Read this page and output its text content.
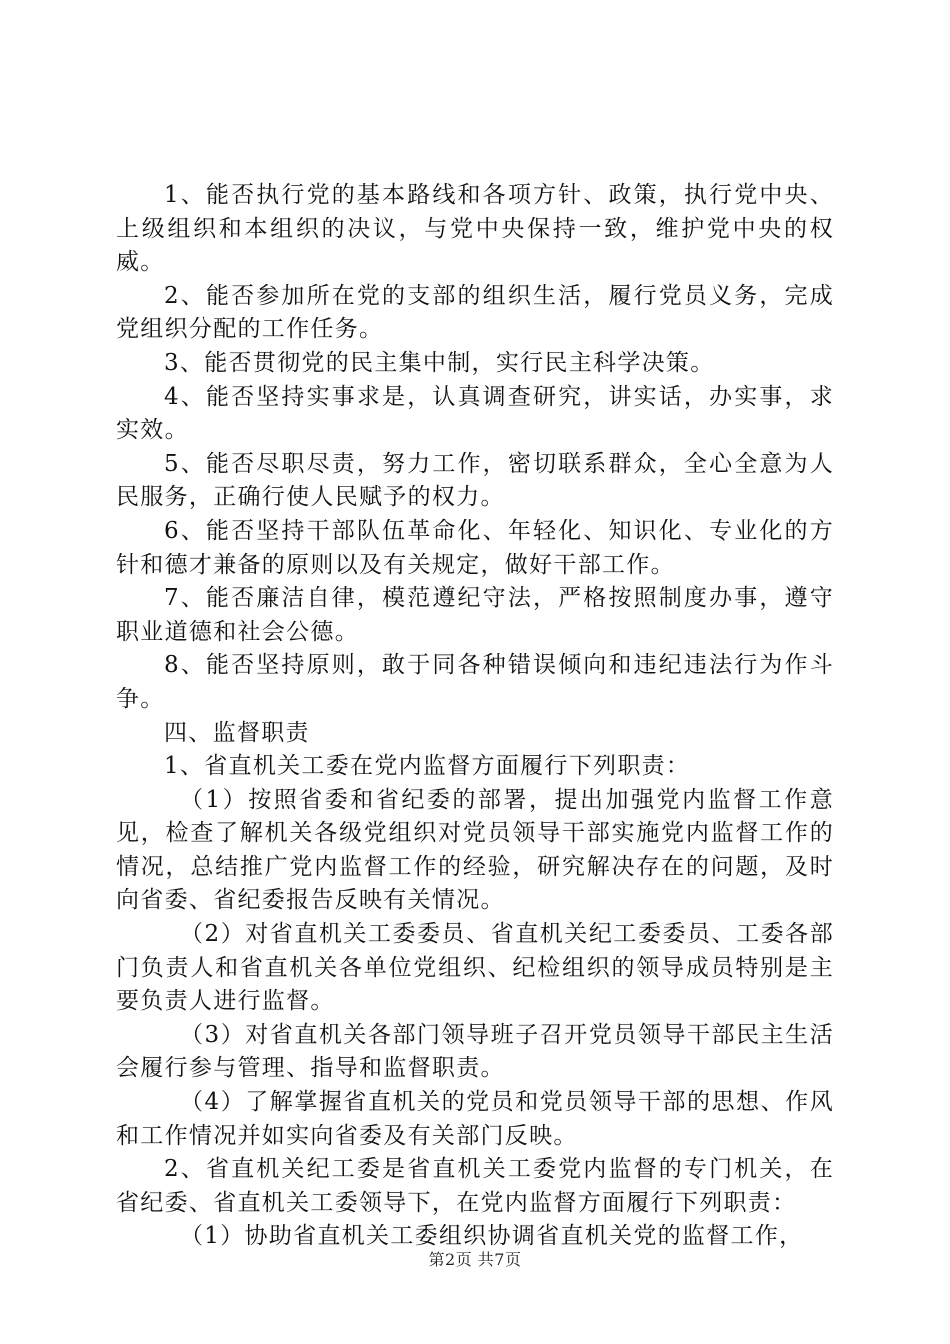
1、能否执行党的基本路线和各项方针、政策，执行党中央、上级组织和本组织的决议，与党中央保持一致，维护党中央的权威。

2、能否参加所在党的支部的组织生活，履行党员义务，完成党组织分配的工作任务。

3、能否贯彻党的民主集中制，实行民主科学决策。

4、能否坚持实事求是，认真调查研究，讲实话，办实事，求实效。

5、能否尽职尽责，努力工作，密切联系群众，全心全意为人民服务，正确行使人民赋予的权力。

6、能否坚持干部队伍革命化、年轻化、知识化、专业化的方针和德才兼备的原则以及有关规定，做好干部工作。

7、能否廉洁自律，模范遵纪守法，严格按照制度办事，遵守职业道德和社会公德。

8、能否坚持原则，敢于同各种错误倾向和违纪违法行为作斗争。

四、监督职责

1、省直机关工委在党内监督方面履行下列职责：

（1）按照省委和省纪委的部署，提出加强党内监督工作意见，检查了解机关各级党组织对党员领导干部实施党内监督工作的情况，总结推广党内监督工作的经验，研究解决存在的问题，及时向省委、省纪委报告反映有关情况。

（2）对省直机关工委委员、省直机关纪工委委员、工委各部门负责人和省直机关各单位党组织、纪检组织的领导成员特别是主要负责人进行监督。

（3）对省直机关各部门领导班子召开党员领导干部民主生活会履行参与管理、指导和监督职责。

（4）了解掌握省直机关的党员和党员领导干部的思想、作风和工作情况并如实向省委及有关部门反映。

2、省直机关纪工委是省直机关工委党内监督的专门机关，在省纪委、省直机关工委领导下，在党内监督方面履行下列职责：

（1）协助省直机关工委组织协调省直机关党的监督工作，

第2页 共7页
